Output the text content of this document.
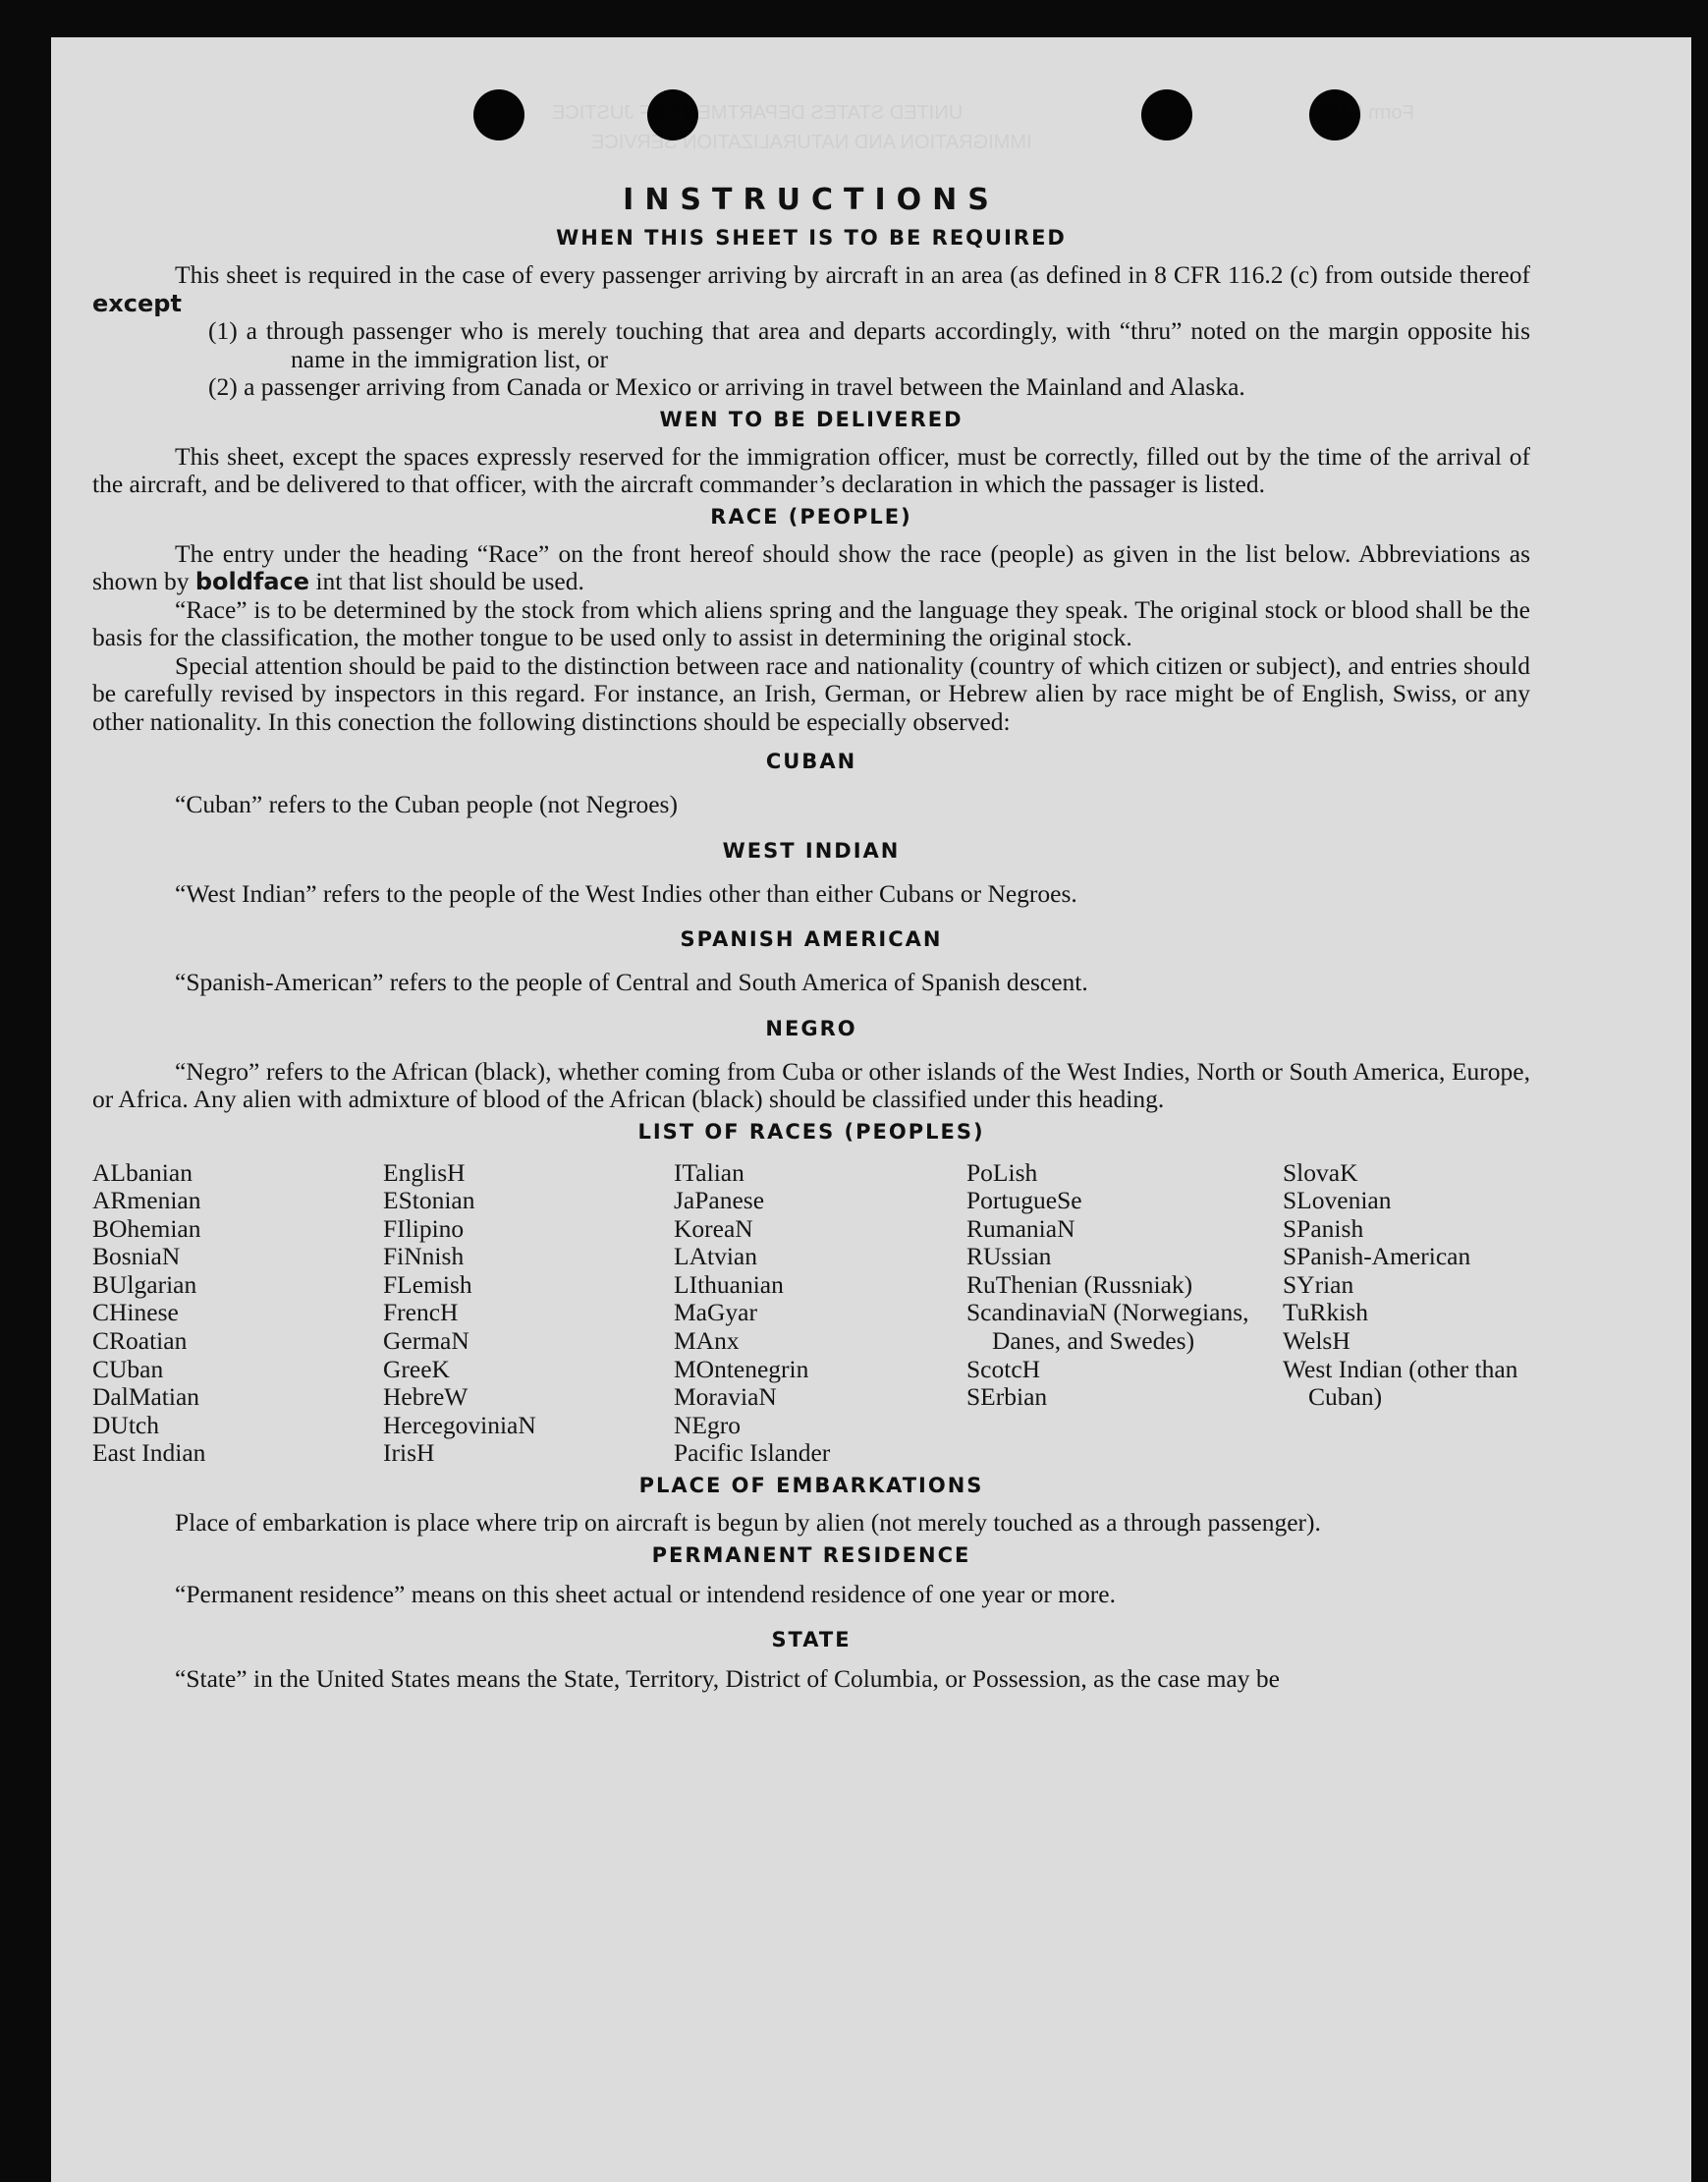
UNITED STATES DEPARTMENT OF JUSTICE
IMMIGRATION AND NATURALIZATION SERVICE
Form I-459
INSTRUCTIONS
WHEN THIS SHEET IS TO BE REQUIRED

This sheet is required in the case of every passenger arriving by aircraft in an area (as defined in 8 CFR 116.2 (c) from outside thereof except

(1) a through passenger who is merely touching that area and departs accordingly, with “thru” noted on the margin opposite his name in the immigration list, or

(2) a passenger arriving from Canada or Mexico or arriving in travel between the Mainland and Alaska.

WEN TO BE DELIVERED

This sheet, except the spaces expressly reserved for the immigration officer, must be correctly, filled out by the time of the arrival of the aircraft, and be delivered to that officer, with the aircraft commander’s declaration in which the passager is listed.

RACE (PEOPLE)

The entry under the heading “Race” on the front hereof should show the race (people) as given in the list below. Abbreviations as shown by boldface int that list should be used.

“Race” is to be determined by the stock from which aliens spring and the language they speak. The original stock or blood shall be the basis for the classification, the mother tongue to be used only to assist in determining the original stock.

Special attention should be paid to the distinction between race and nationality (country of which citizen or subject), and entries should be carefully revised by inspectors in this regard. For instance, an Irish, German, or Hebrew alien by race might be of English, Swiss, or any other nationality. In this conection the following distinctions should be especially observed:

CUBAN

“Cuban” refers to the Cuban people (not Negroes)

WEST INDIAN

“West Indian” refers to the people of the West Indies other than either Cubans or Negroes.

SPANISH AMERICAN

“Spanish-American” refers to the people of Central and South America of Spanish descent.

NEGRO

“Negro” refers to the African (black), whether coming from Cuba or other islands of the West Indies, North or South America, Europe, or Africa. Any alien with admixture of blood of the African (black) should be classified under this heading.

LIST OF RACES (PEOPLES)
ALbanian
ARmenian
BOhemian
BosniaN
BUlgarian
CHinese
CRoatian
CUban
DalMatian
DUtch
East Indian
EnglisH
EStonian
FIlipino
FiNnish
FLemish
FrencH
GermaN
GreeK
HebreW
HercegoviniaN
IrisH
ITalian
JaPanese
KoreaN
LAtvian
LIthuanian
MaGyar
MAnx
MOntenegrin
MoraviaN
NEgro
Pacific Islander
PoLish
PortugueSe
RumaniaN
RUssian
RuThenian (Russniak)
ScandinaviaN (Norwegians, Danes, and Swedes)
ScotcH
SErbian
SlovaK
SLovenian
SPanish
SPanish-American
SYrian
TuRkish
WelsH
West Indian (other than Cuban)
PLACE OF EMBARKATIONS

Place of embarkation is place where trip on aircraft is begun by alien (not merely touched as a through passenger).

PERMANENT RESIDENCE

“Permanent residence” means on this sheet actual or intendend residence of one year or more.

STATE

“State” in the United States means the State, Territory, District of Columbia, or Possession, as the case may be
